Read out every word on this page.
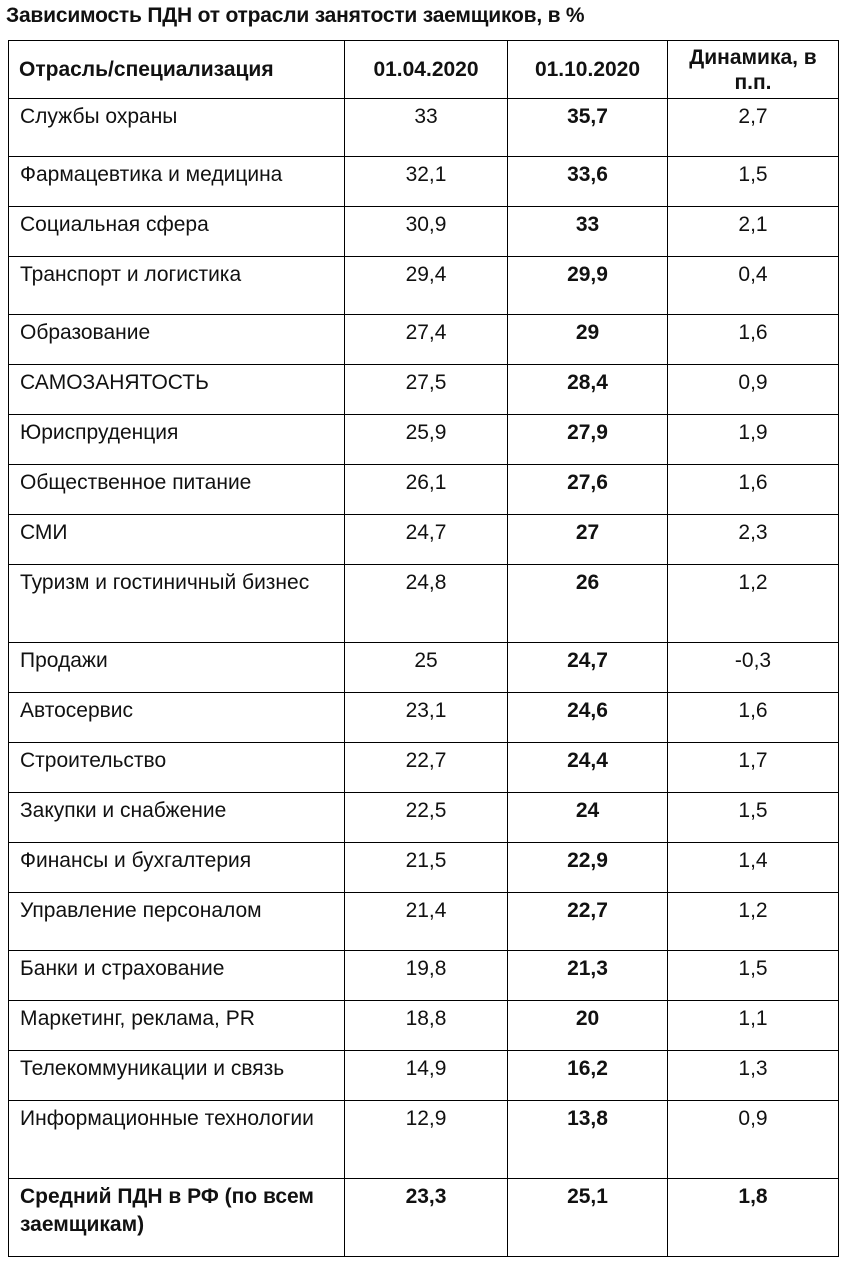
Зависимость ПДН от отрасли занятости заемщиков, в %
Отрасль/специализация	01.04.2020	01.10.2020	Динамика, в п.п.
Службы охраны	33	35,7	2,7
Фармацевтика и медицина	32,1	33,6	1,5
Социальная сфера	30,9	33	2,1
Транспорт и логистика	29,4	29,9	0,4
Образование	27,4	29	1,6
САМОЗАНЯТОСТЬ	27,5	28,4	0,9
Юриспруденция	25,9	27,9	1,9
Общественное питание	26,1	27,6	1,6
СМИ	24,7	27	2,3
Туризм и гостиничный бизнес	24,8	26	1,2
Продажи	25	24,7	-0,3
Автосервис	23,1	24,6	1,6
Строительство	22,7	24,4	1,7
Закупки и снабжение	22,5	24	1,5
Финансы и бухгалтерия	21,5	22,9	1,4
Управление персоналом	21,4	22,7	1,2
Банки и страхование	19,8	21,3	1,5
Маркетинг, реклама, PR	18,8	20	1,1
Телекоммуникации и связь	14,9	16,2	1,3
Информационные технологии	12,9	13,8	0,9
Средний ПДН в РФ (по всем заемщикам)	23,3	25,1	1,8
